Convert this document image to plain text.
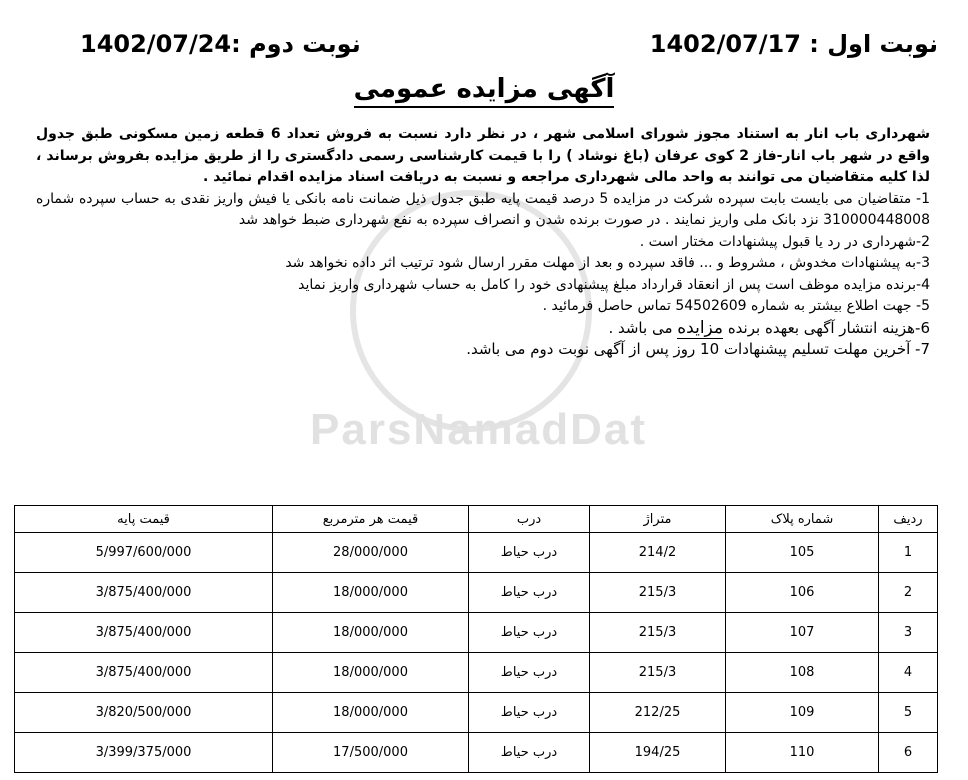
ParsNamadDat
نوبت اول : 1402/07/17
نوبت دوم :1402/07/24
آگهی مزایده عمومی

شهرداری باب انار به استناد مجوز شورای اسلامی شهر ، در نظر دارد نسبت به فروش تعداد 6 قطعه زمین مسکونی طبق جدول واقع در شهر باب انار-فاز 2 کوی عرفان (باغ نوشاد ) را با قیمت کارشناسی رسمی دادگستری را از طریق مزایده بفروش برساند ، لذا کلیه متقاضیان می توانند به واحد مالی شهرداری مراجعه و نسبت به دریافت اسناد مزایده اقدام نمائید .

1- متقاضیان می بایست بابت سپرده شرکت در مزایده 5 درصد قیمت پایه طبق جدول ذیل ضمانت نامه بانکی یا فیش واریز نقدی به حساب سپرده شماره 310000448008 نزد بانک ملی واریز نمایند . در صورت برنده شدن و انصراف سپرده به نفع شهرداری ضبط خواهد شد

2-شهرداری در رد یا قبول پیشنهادات مختار است .

3-به پیشنهادات مخدوش ، مشروط و ... فاقد سپرده و بعد از مهلت مقرر ارسال شود ترتیب اثر داده نخواهد شد

4-برنده مزایده موظف است پس از انعقاد قرارداد مبلغ پیشنهادی خود را کامل به حساب شهرداری واریز نماید

5- جهت اطلاع بیشتر به شماره 54502609 تماس حاصل فرمائید .

6-هزینه انتشار آگهی بعهده برنده مزایده می باشد .

7- آخرین مهلت تسلیم پیشنهادات 10 روز پس از آگهی نوبت دوم می باشد.

ردیف	شماره پلاک	متراژ	درب	قیمت هر مترمربع	قیمت پایه
1	105	214/2	درب حیاط	28/000/000	5/997/600/000
2	106	215/3	درب حیاط	18/000/000	3/875/400/000
3	107	215/3	درب حیاط	18/000/000	3/875/400/000
4	108	215/3	درب حیاط	18/000/000	3/875/400/000
5	109	212/25	درب حیاط	18/000/000	3/820/500/000
6	110	194/25	درب حیاط	17/500/000	3/399/375/000
